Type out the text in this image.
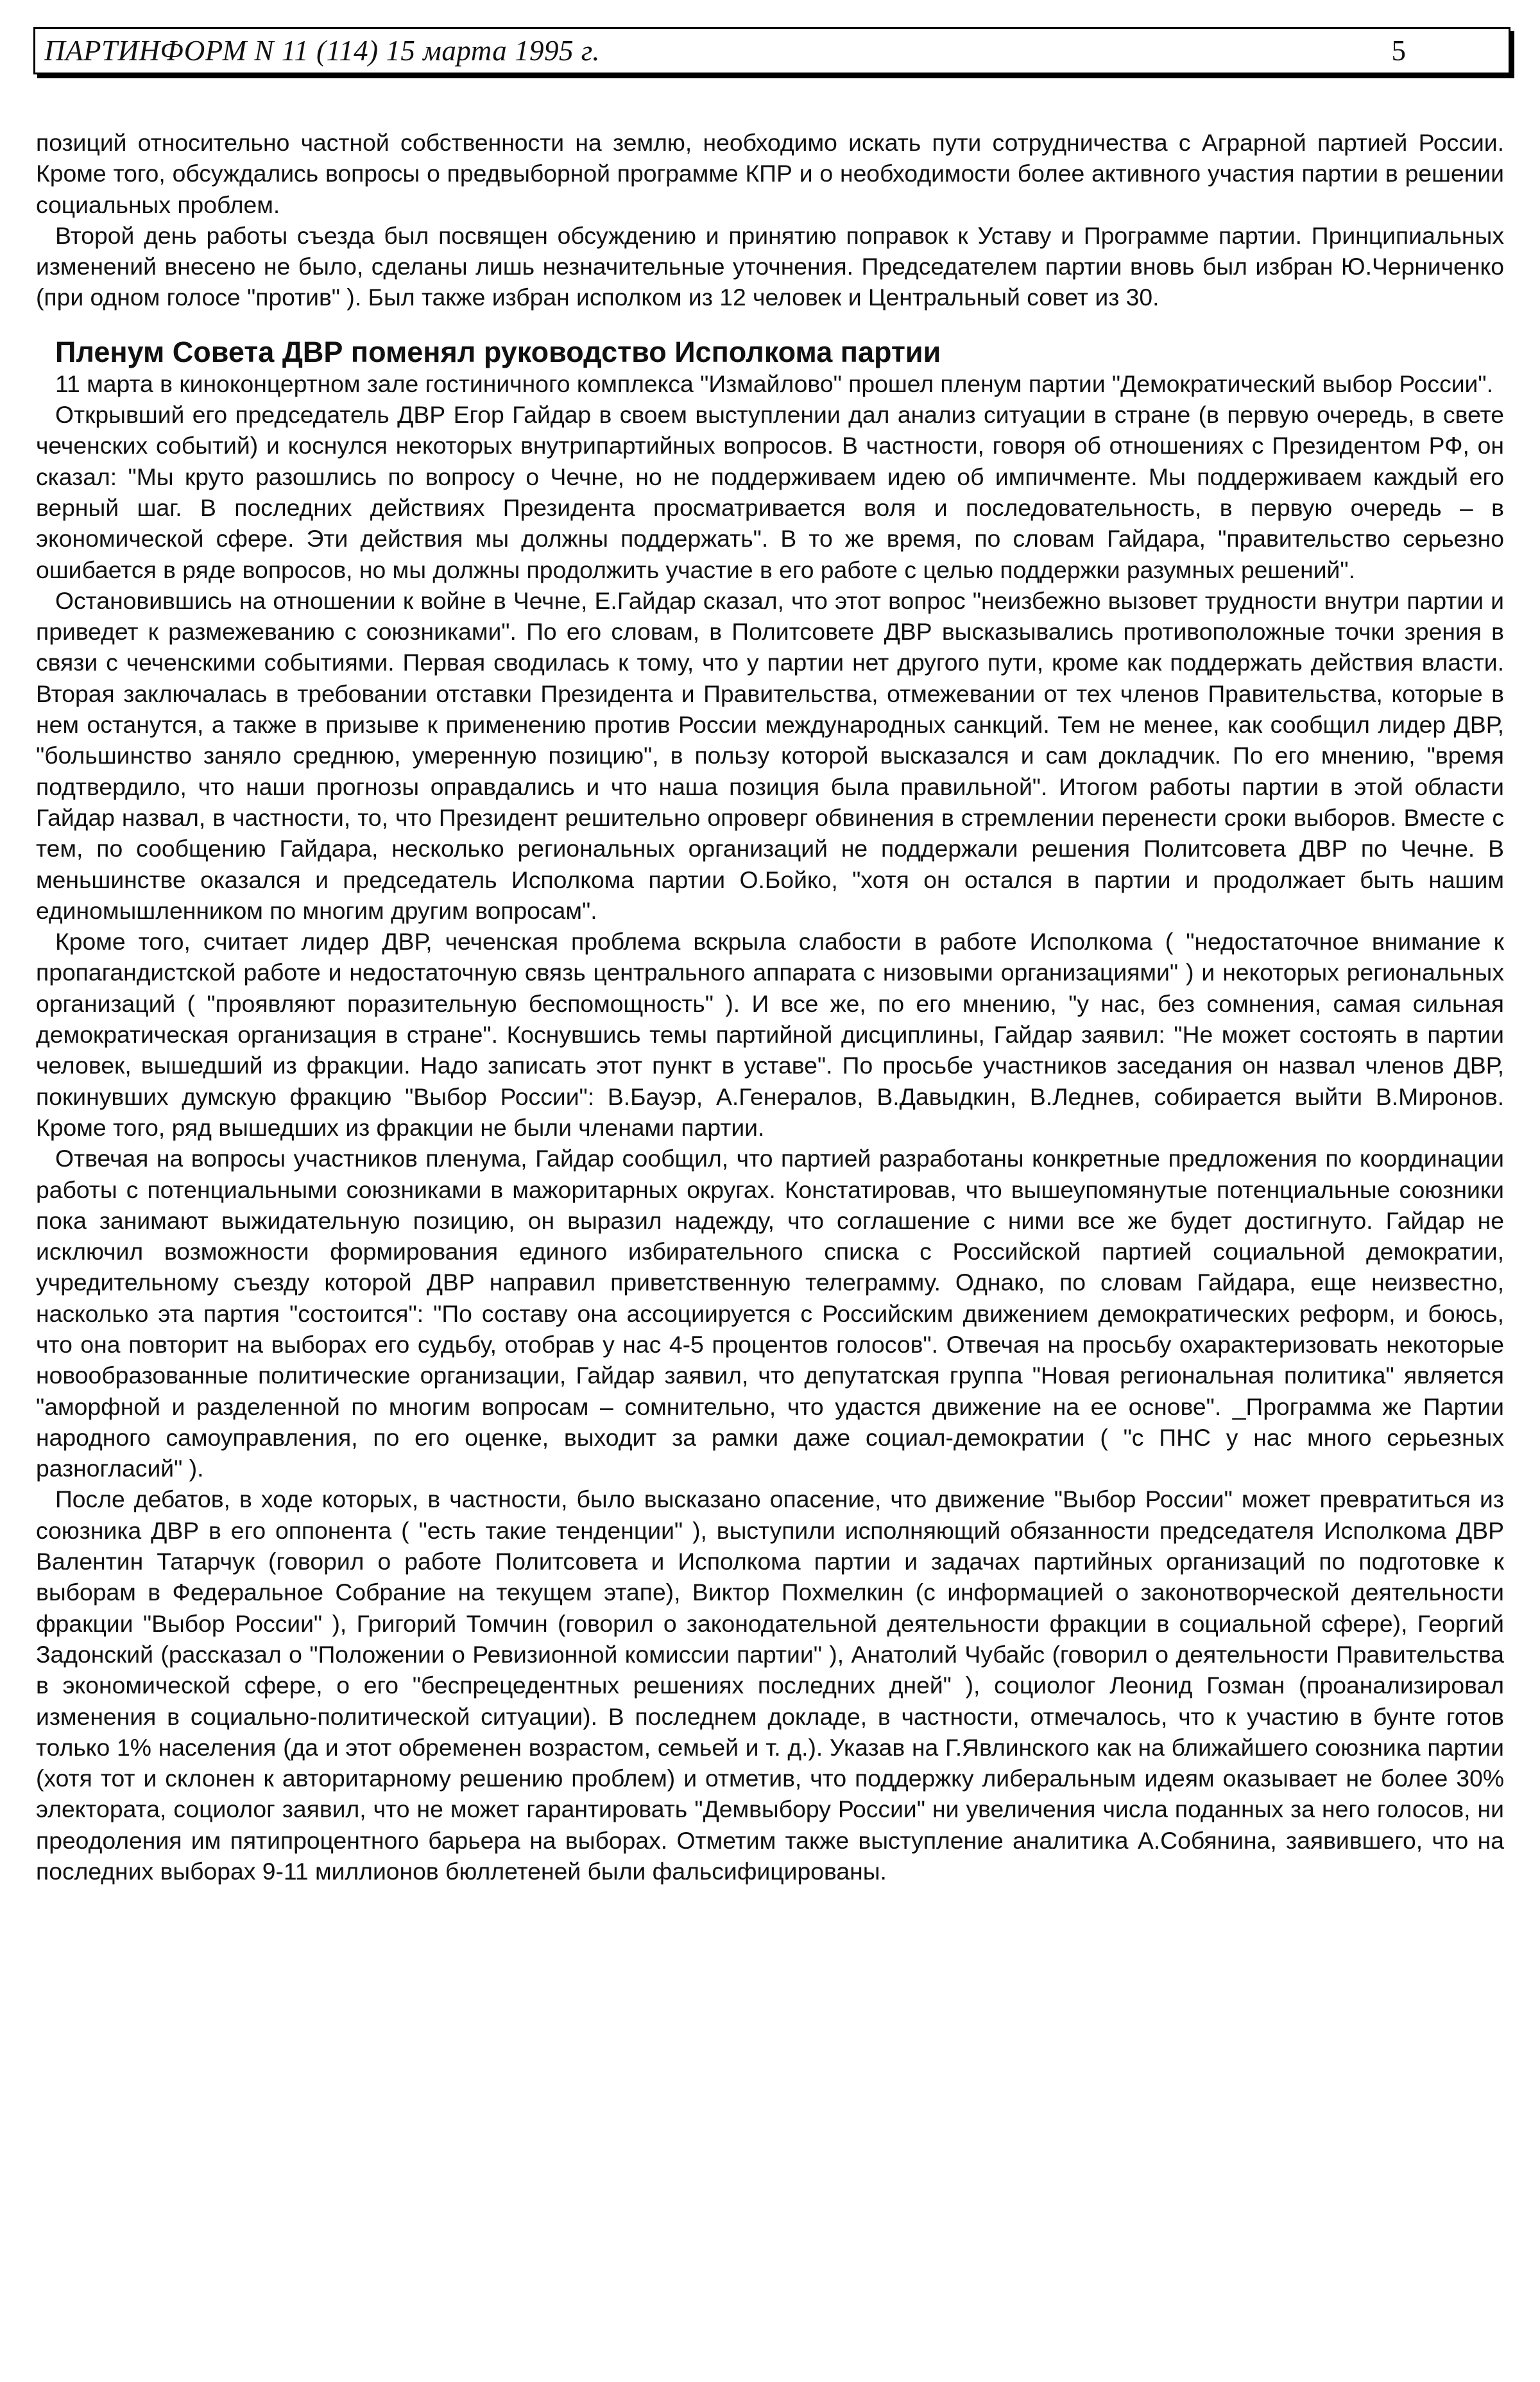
ПАРТИНФОРМ N 11 (114) 15 марта 1995 г.	5

позиций относительно частной собственности на землю, необходимо искать пути сотрудничества с Аграрной партией России. Кроме того, обсуждались вопросы о предвыборной программе КПР и о необходимости более активного участия партии в решении социальных проблем.

Второй день работы съезда был посвящен обсуждению и принятию поправок к Уставу и Программе партии. Принципиальных изменений внесено не было, сделаны лишь незначительные уточнения. Председателем партии вновь был избран Ю.Черниченко (при одном голосе "против" ). Был также избран исполком из 12 человек и Центральный совет из 30.

Пленум Совета ДВР поменял руководство Исполкома партии

11 марта в киноконцертном зале гостиничного комплекса "Измайлово" прошел пленум партии "Демократический выбор России".

Открывший его председатель ДВР Егор Гайдар в своем выступлении дал анализ ситуации в стране (в первую очередь, в свете чеченских событий) и коснулся некоторых внутрипартийных вопросов. В частности, говоря об отношениях с Президентом РФ, он сказал: "Мы круто разошлись по вопросу о Чечне, но не поддерживаем идею об импичменте. Мы поддерживаем каждый его верный шаг. В последних действиях Президента просматривается воля и последовательность, в первую очередь – в экономической сфере. Эти действия мы должны поддержать". В то же время, по словам Гайдара, "правительство серьезно ошибается в ряде вопросов, но мы должны продолжить участие в его работе с целью поддержки разумных решений".

Остановившись на отношении к войне в Чечне, Е.Гайдар сказал, что этот вопрос "неизбежно вызовет трудности внутри партии и приведет к размежеванию с союзниками". По его словам, в Политсовете ДВР высказывались противоположные точки зрения в связи с чеченскими событиями. Первая сводилась к тому, что у партии нет другого пути, кроме как поддержать действия власти. Вторая заключалась в требовании отставки Президента и Правительства, отмежевании от тех членов Правительства, которые в нем останутся, а также в призыве к применению против России международных санкций. Тем не менее, как сообщил лидер ДВР, "большинство заняло среднюю, умеренную позицию", в пользу которой высказался и сам докладчик. По его мнению, "время подтвердило, что наши прогнозы оправдались и что наша позиция была правильной". Итогом работы партии в этой области Гайдар назвал, в частности, то, что Президент решительно опроверг обвинения в стремлении перенести сроки выборов. Вместе с тем, по сообщению Гайдара, несколько региональных организаций не поддержали решения Политсовета ДВР по Чечне. В меньшинстве оказался и председатель Исполкома партии О.Бойко, "хотя он остался в партии и продолжает быть нашим единомышленником по многим другим вопросам".

Кроме того, считает лидер ДВР, чеченская проблема вскрыла слабости в работе Исполкома ( "недостаточное внимание к пропагандистской работе и недостаточную связь центрального аппарата с низовыми организациями" ) и некоторых региональных организаций ( "проявляют поразительную беспомощность" ). И все же, по его мнению, "у нас, без сомнения, самая сильная демократическая организация в стране". Коснувшись темы партийной дисциплины, Гайдар заявил: "Не может состоять в партии человек, вышедший из фракции. Надо записать этот пункт в уставе". По просьбе участников заседания он назвал членов ДВР, покинувших думскую фракцию "Выбор России": В.Бауэр, А.Генералов, В.Давыдкин, В.Леднев, собирается выйти В.Миронов. Кроме того, ряд вышедших из фракции не были членами партии.

Отвечая на вопросы участников пленума, Гайдар сообщил, что партией разработаны конкретные предложения по координации работы с потенциальными союзниками в мажоритарных округах. Констатировав, что вышеупомянутые потенциальные союзники пока занимают выжидательную позицию, он выразил надежду, что соглашение с ними все же будет достигнуто. Гайдар не исключил возможности формирования единого избирательного списка с Российской партией социальной демократии, учредительному съезду которой ДВР направил приветственную телеграмму. Однако, по словам Гайдара, еще неизвестно, насколько эта партия "состоится": "По составу она ассоциируется с Российским движением демократических реформ, и боюсь, что она повторит на выборах его судьбу, отобрав у нас 4-5 процентов голосов". Отвечая на просьбу охарактеризовать некоторые новообразованные политические организации, Гайдар заявил, что депутатская группа "Новая региональная политика" является "аморфной и разделенной по многим вопросам – сомнительно, что удастся движение на ее основе". _Программа же Партии народного самоуправления, по его оценке, выходит за рамки даже социал-демократии ( "с ПНС у нас много серьезных разногласий" ).

После дебатов, в ходе которых, в частности, было высказано опасение, что движение "Выбор России" может превратиться из союзника ДВР в его оппонента ( "есть такие тенденции" ), выступили исполняющий обязанности председателя Исполкома ДВР Валентин Татарчук (говорил о работе Политсовета и Исполкома партии и задачах партийных организаций по подготовке к выборам в Федеральное Собрание на текущем этапе), Виктор Похмелкин (с информацией о законотворческой деятельности фракции "Выбор России" ), Григорий Томчин (говорил о законодательной деятельности фракции в социальной сфере), Георгий Задонский (рассказал о "Положении о Ревизионной комиссии партии" ), Анатолий Чубайс (говорил о деятельности Правительства в экономической сфере, о его "беспрецедентных решениях последних дней" ), социолог Леонид Гозман (проанализировал изменения в социально-политической ситуации). В последнем докладе, в частности, отмечалось, что к участию в бунте готов только 1% населения (да и этот обременен возрастом, семьей и т. д.). Указав на Г.Явлинского как на ближайшего союзника партии (хотя тот и склонен к авторитарному решению проблем) и отметив, что поддержку либеральным идеям оказывает не более 30% электората, социолог заявил, что не может гарантировать "Демвыбору России" ни увеличения числа поданных за него голосов, ни преодоления им пятипроцентного барьера на выборах. Отметим также выступление аналитика А.Собянина, заявившего, что на последних выборах 9-11 миллионов бюллетеней были фальсифицированы.
